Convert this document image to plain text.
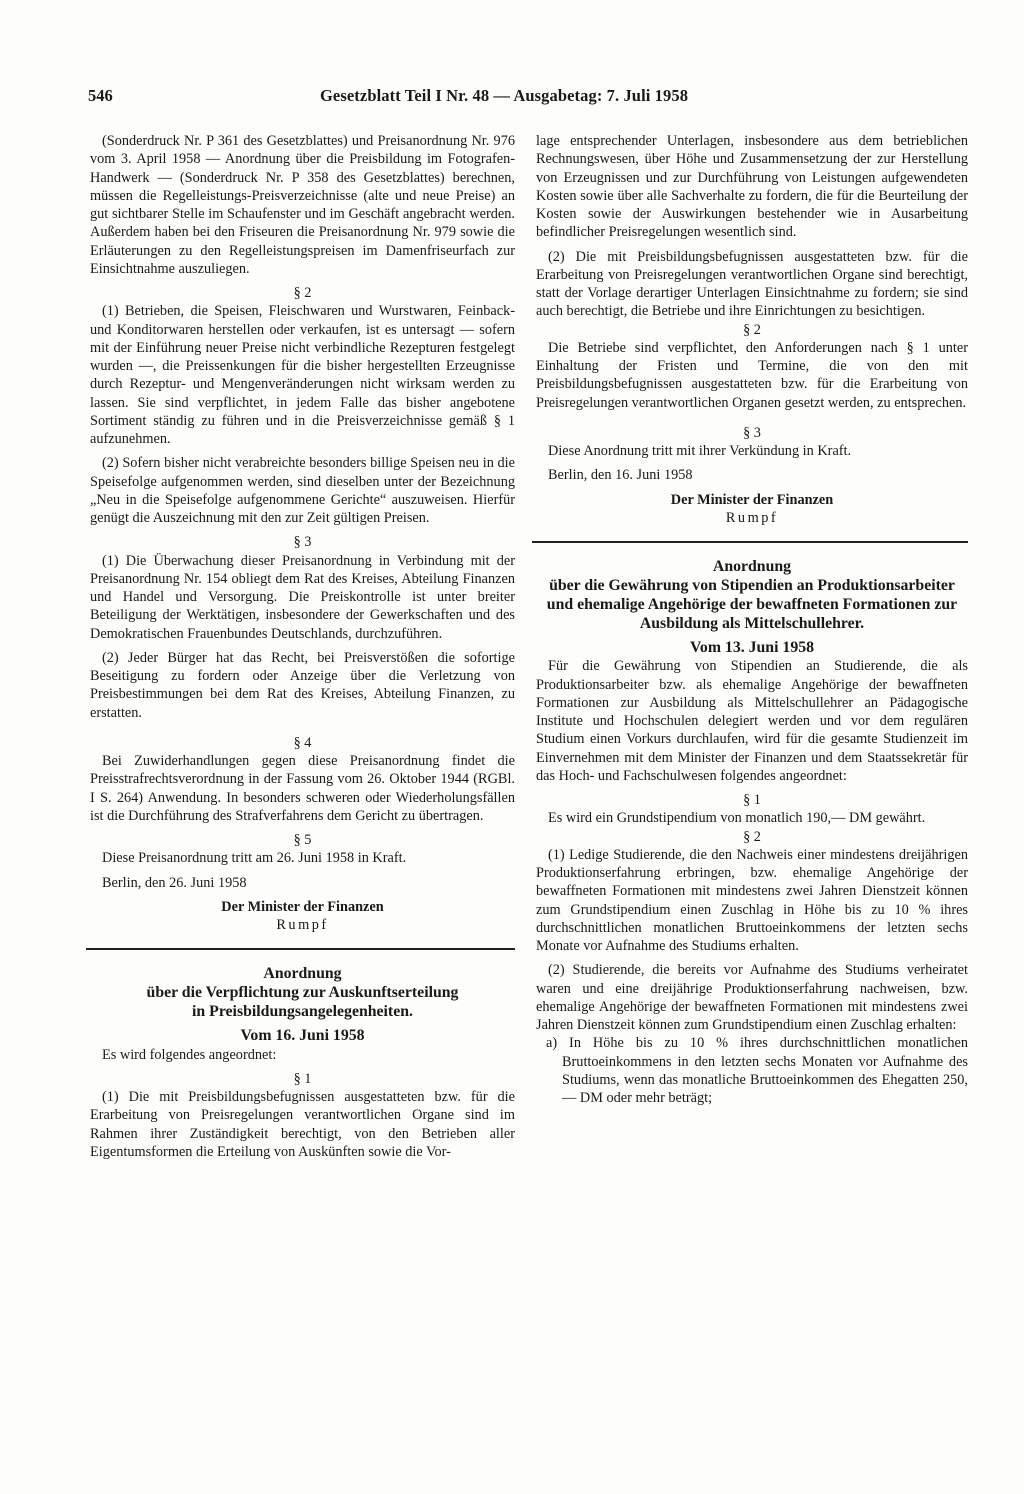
546	Gesetzblatt Teil I Nr. 48 — Ausgabetag: 7. Juli 1958

(Sonderdruck Nr. P 361 des Gesetzblattes) und Preisanordnung Nr. 976 vom 3. April 1958 — Anordnung über die Preisbildung im Fotografen-Handwerk — (Sonderdruck Nr. P 358 des Gesetzblattes) berechnen, müssen die Regelleistungs-Preisverzeichnisse (alte und neue Preise) an gut sichtbarer Stelle im Schaufenster und im Geschäft angebracht werden. Außerdem haben bei den Friseuren die Preisanordnung Nr. 979 sowie die Erläuterungen zu den Regelleistungspreisen im Damenfriseurfach zur Einsichtnahme auszuliegen.

§ 2

(1) Betrieben, die Speisen, Fleischwaren und Wurstwaren, Feinback- und Konditorwaren herstellen oder verkaufen, ist es untersagt — sofern mit der Einführung neuer Preise nicht verbindliche Rezepturen festgelegt wurden —, die Preissenkungen für die bisher hergestellten Erzeugnisse durch Rezeptur- und Mengenveränderungen nicht wirksam werden zu lassen. Sie sind verpflichtet, in jedem Falle das bisher angebotene Sortiment ständig zu führen und in die Preisverzeichnisse gemäß § 1 aufzunehmen.

(2) Sofern bisher nicht verabreichte besonders billige Speisen neu in die Speisefolge aufgenommen werden, sind dieselben unter der Bezeichnung „Neu in die Speisefolge aufgenommene Gerichte“ auszuweisen. Hierfür genügt die Auszeichnung mit den zur Zeit gültigen Preisen.

§ 3

(1) Die Überwachung dieser Preisanordnung in Verbindung mit der Preisanordnung Nr. 154 obliegt dem Rat des Kreises, Abteilung Finanzen und Handel und Versorgung. Die Preiskontrolle ist unter breiter Beteiligung der Werktätigen, insbesondere der Gewerkschaften und des Demokratischen Frauenbundes Deutschlands, durchzuführen.

(2) Jeder Bürger hat das Recht, bei Preisverstößen die sofortige Beseitigung zu fordern oder Anzeige über die Verletzung von Preisbestimmungen bei dem Rat des Kreises, Abteilung Finanzen, zu erstatten.

§ 4

Bei Zuwiderhandlungen gegen diese Preisanordnung findet die Preisstrafrechtsverordnung in der Fassung vom 26. Oktober 1944 (RGBl. I S. 264) Anwendung. In besonders schweren oder Wiederholungsfällen ist die Durchführung des Strafverfahrens dem Gericht zu übertragen.

§ 5

Diese Preisanordnung tritt am 26. Juni 1958 in Kraft.

Berlin, den 26. Juni 1958

Der Minister der Finanzen

Rumpf

Anordnung

über die Verpflichtung zur Auskunftserteilung

in Preisbildungsangelegenheiten.

Vom 16. Juni 1958

Es wird folgendes angeordnet:

§ 1

(1) Die mit Preisbildungsbefugnissen ausgestatteten bzw. für die Erarbeitung von Preisregelungen verantwortlichen Organe sind im Rahmen ihrer Zuständigkeit berechtigt, von den Betrieben aller Eigentumsformen die Erteilung von Auskünften sowie die Vor-

lage entsprechender Unterlagen, insbesondere aus dem betrieblichen Rechnungswesen, über Höhe und Zusammensetzung der zur Herstellung von Erzeugnissen und zur Durchführung von Leistungen aufgewendeten Kosten sowie über alle Sachverhalte zu fordern, die für die Beurteilung der Kosten sowie der Auswirkungen bestehender wie in Ausarbeitung befindlicher Preisregelungen wesentlich sind.

(2) Die mit Preisbildungsbefugnissen ausgestatteten bzw. für die Erarbeitung von Preisregelungen verantwortlichen Organe sind berechtigt, statt der Vorlage derartiger Unterlagen Einsichtnahme zu fordern; sie sind auch berechtigt, die Betriebe und ihre Einrichtungen zu besichtigen.

§ 2

Die Betriebe sind verpflichtet, den Anforderungen nach § 1 unter Einhaltung der Fristen und Termine, die von den mit Preisbildungsbefugnissen ausgestatteten bzw. für die Erarbeitung von Preisregelungen verantwortlichen Organen gesetzt werden, zu entsprechen.

§ 3

Diese Anordnung tritt mit ihrer Verkündung in Kraft.

Berlin, den 16. Juni 1958

Der Minister der Finanzen

Rumpf

Anordnung

über die Gewährung von Stipendien an Produktionsarbeiter und ehemalige Angehörige der bewaffneten Formationen zur Ausbildung als Mittelschullehrer.

Vom 13. Juni 1958

Für die Gewährung von Stipendien an Studierende, die als Produktionsarbeiter bzw. als ehemalige Angehörige der bewaffneten Formationen zur Ausbildung als Mittelschullehrer an Pädagogische Institute und Hochschulen delegiert werden und vor dem regulären Studium einen Vorkurs durchlaufen, wird für die gesamte Studienzeit im Einvernehmen mit dem Minister der Finanzen und dem Staatssekretär für das Hoch- und Fachschulwesen folgendes angeordnet:

§ 1

Es wird ein Grundstipendium von monatlich 190,— DM gewährt.

§ 2

(1) Ledige Studierende, die den Nachweis einer mindestens dreijährigen Produktionserfahrung erbringen, bzw. ehemalige Angehörige der bewaffneten Formationen mit mindestens zwei Jahren Dienstzeit können zum Grundstipendium einen Zuschlag in Höhe bis zu 10 % ihres durchschnittlichen monatlichen Bruttoeinkommens der letzten sechs Monate vor Aufnahme des Studiums erhalten.

(2) Studierende, die bereits vor Aufnahme des Studiums verheiratet waren und eine dreijährige Produktionserfahrung nachweisen, bzw. ehemalige Angehörige der bewaffneten Formationen mit mindestens zwei Jahren Dienstzeit können zum Grundstipendium einen Zuschlag erhalten:

a) In Höhe bis zu 10 % ihres durchschnittlichen monatlichen Bruttoeinkommens in den letzten sechs Monaten vor Aufnahme des Studiums, wenn das monatliche Bruttoeinkommen des Ehegatten 250,— DM oder mehr beträgt;
